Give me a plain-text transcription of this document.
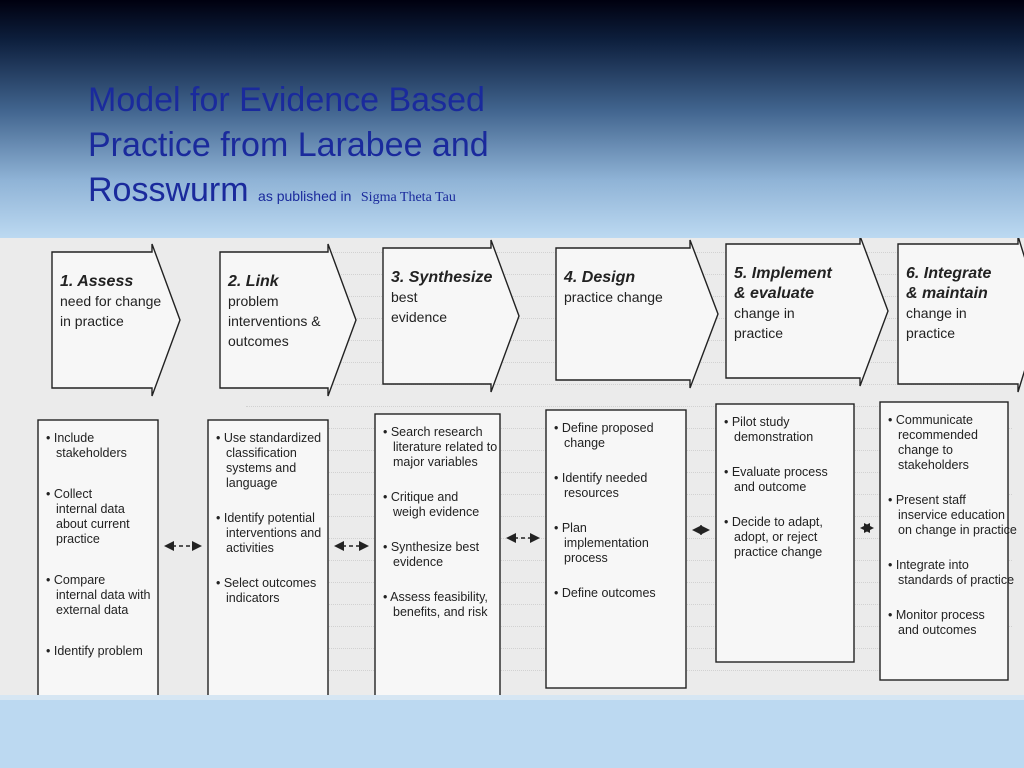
Model for Evidence Based
Practice from Larabee and
Rosswurm as published in Sigma Theta Tau
1. Assess
need for change
in practice
• Include
stakeholders
• Collect
internal data
about current
practice
• Compare
internal data with
external data
• Identify problem
2. Link
problem
interventions &
outcomes
• Use standardized
classification
systems and
language
• Identify potential
interventions and
activities
• Select outcomes
indicators
3. Synthesize
best
evidence
• Search research
literature related to
major variables
• Critique and
weigh evidence
• Synthesize best
evidence
• Assess feasibility,
benefits, and risk
4. Design
practice change
• Define proposed
change
• Identify needed
resources
• Plan
implementation
process
• Define outcomes
5. Implement
& evaluate
change in
practice
• Pilot study
demonstration
• Evaluate process
and outcome
• Decide to adapt,
adopt, or reject
practice change
6. Integrate
& maintain
change in
practice
• Communicate
recommended
change to
stakeholders
• Present staff
inservice education
on change in practice
• Integrate into
standards of practice
• Monitor process
and outcomes
